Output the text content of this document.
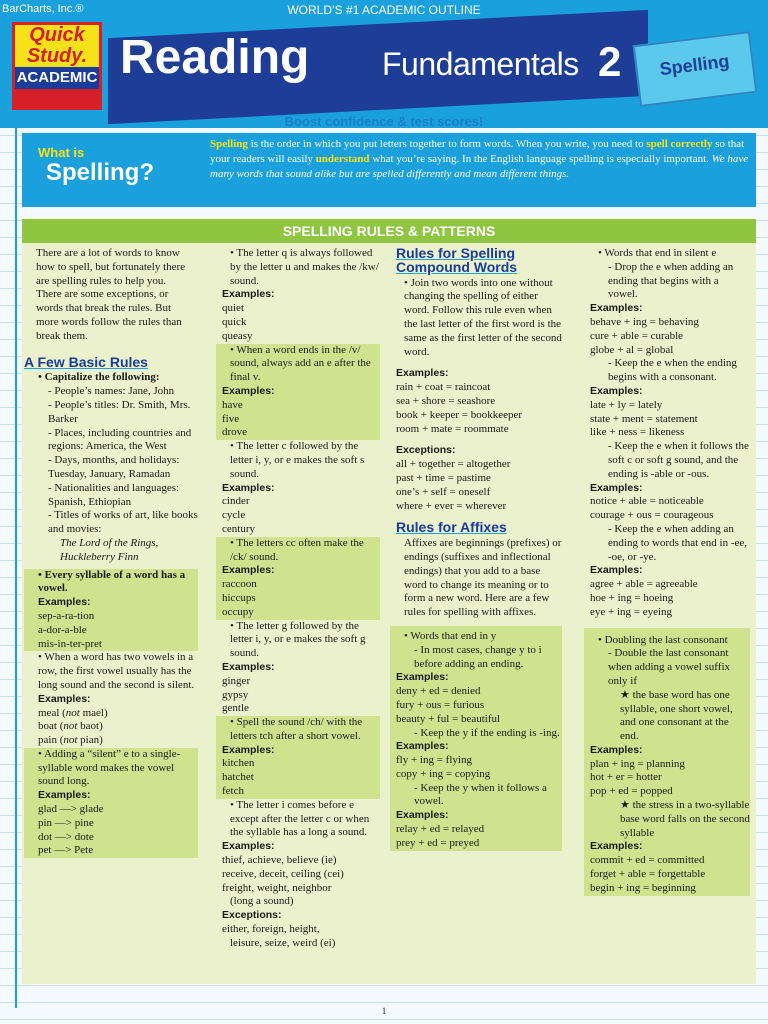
BarCharts, Inc.®	WORLD’S #1 ACADEMIC OUTLINE
Quick
Study.
ACADEMIC Reading Fundamentals 2	Spelling
Boost confidence & test scores!
What is
Spelling?
Spelling is the order in which you put letters together to form words. When you write, you need to spell correctly so that your readers will easily understand what you’re saying. In the English language spelling is especially important. We have many words that sound alike but are spelled differently and mean different things.
SPELLING RULES & PATTERNS

There are a lot of words to know how to spell, but fortunately there are spelling rules to help you. There are some exceptions, or words that break the rules. But more words follow the rules than break them.

A Few Basic Rules

• Capitalize the following:

- People’s names: Jane, John

- People’s titles: Dr. Smith, Mrs. Barker

- Places, including countries and regions: America, the West

- Days, months, and holidays: Tuesday, January, Ramadan

- Nationalities and languages: Spanish, Ethiopian

- Titles of works of art, like books and movies:

The Lord of the Rings, Huckleberry Finn

• Every syllable of a word has a vowel.

Examples:

sep-a-ra-tion

a-dor-a-ble

mis-in-ter-pret

• When a word has two vowels in a row, the first vowel usually has the long sound and the second is silent.

Examples:

meal (not mael)

boat (not baot)

pain (not pian)

• Adding a “silent” e to a single-syllable word makes the vowel sound long.

Examples:

glad —> glade

pin —> pine

dot —> dote

pet —> Pete

• The letter q is always followed by the letter u and makes the /kw/ sound.

Examples:

quiet

quick

queasy

• When a word ends in the /v/ sound, always add an e after the final v.

Examples:

have

five

drove

• The letter c followed by the letter i, y, or e makes the soft s sound.

Examples:

cinder

cycle

century

• The letters cc often make the /ck/ sound.

Examples:

raccoon

hiccups

occupy

• The letter g followed by the letter i, y, or e makes the soft g sound.

Examples:

ginger

gypsy

gentle

• Spell the sound /ch/ with the letters tch after a short vowel.

Examples:

kitchen

hatchet

fetch

• The letter i comes before e except after the letter c or when the syllable has a long a sound.

Examples:

thief, achieve, believe (ie)

receive, deceit, ceiling (cei)

freight, weight, neighbor

(long a sound)

Exceptions:

either, foreign, height,

leisure, seize, weird (ei)

Rules for Spelling

Compound Words

• Join two words into one without changing the spelling of either word. Follow this rule even when the last letter of the first word is the same as the first letter of the second word.

Examples:

rain + coat = raincoat

sea + shore = seashore

book + keeper = bookkeeper

room + mate = roommate

Exceptions:

all + together = altogether

past + time = pastime

one’s + self = oneself

where + ever = wherever

Rules for Affixes

Affixes are beginnings (prefixes) or endings (suffixes and inflectional endings) that you add to a base word to change its meaning or to form a new word. Here are a few rules for spelling with affixes.

• Words that end in y

- In most cases, change y to i before adding an ending.

Examples:

deny + ed = denied

fury + ous = furious

beauty + ful = beautiful

- Keep the y if the ending is -ing.

Examples:

fly + ing = flying

copy + ing = copying

- Keep the y when it follows a vowel.

Examples:

relay + ed = relayed

prey + ed = preyed

• Words that end in silent e

- Drop the e when adding an ending that begins with a vowel.

Examples:

behave + ing = behaving

cure + able = curable

globe + al = global

- Keep the e when the ending begins with a consonant.

Examples:

late + ly = lately

state + ment = statement

like + ness = likeness

- Keep the e when it follows the soft c or soft g sound, and the ending is -able or -ous.

Examples:

notice + able = noticeable

courage + ous = courageous

- Keep the e when adding an ending to words that end in -ee, -oe, or -ye.

Examples:

agree + able = agreeable

hoe + ing = hoeing

eye + ing = eyeing

• Doubling the last consonant

- Double the last consonant when adding a vowel suffix only if

★ the base word has one syllable, one short vowel, and one consonant at the end.

Examples:

plan + ing = planning

hot + er = hotter

pop + ed = popped

★ the stress in a two-syllable base word falls on the second syllable

Examples:

commit + ed = committed

forget + able = forgettable

begin + ing = beginning

1
